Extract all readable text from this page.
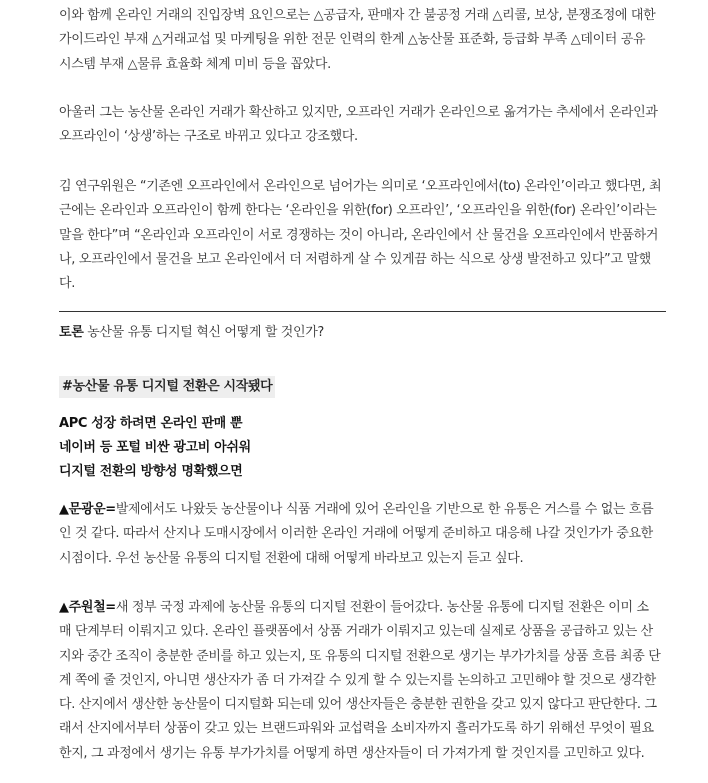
이와 함께 온라인 거래의 진입장벽 요인으로는 △공급자, 판매자 간 불공정 거래 △리콜, 보상, 분쟁조정에 대한
가이드라인 부재 △거래교섭 및 마케팅을 위한 전문 인력의 한계 △농산물 표준화, 등급화 부족 △데이터 공유
시스템 부재 △물류 효율화 체계 미비 등을 꼽았다.

아울러 그는 농산물 온라인 거래가 확산하고 있지만, 오프라인 거래가 온라인으로 옮겨가는 추세에서 온라인과
오프라인이 ‘상생’하는 구조로 바뀌고 있다고 강조했다.

김 연구위원은 “기존엔 오프라인에서 온라인으로 넘어가는 의미로 ‘오프라인에서(to) 온라인’이라고 했다면, 최
근에는 온라인과 오프라인이 함께 한다는 ‘온라인을 위한(for) 오프라인’, ‘오프라인을 위한(for) 온라인’이라는
말을 한다”며 “온라인과 오프라인이 서로 경쟁하는 것이 아니라, 온라인에서 산 물건을 오프라인에서 반품하거
나, 오프라인에서 물건을 보고 온라인에서 더 저렴하게 살 수 있게끔 하는 식으로 상생 발전하고 있다”고 말했
다.

토론 농산물 유통 디지털 혁신 어떻게 할 것인가?

#농산물 유통 디지털 전환은 시작됐다

APC 성장 하려면 온라인 판매 뿐
네이버 등 포털 비싼 광고비 아쉬워
디지털 전환의 방향성 명확했으면

▲문광운=발제에서도 나왔듯 농산물이나 식품 거래에 있어 온라인을 기반으로 한 유통은 거스를 수 없는 흐름
인 것 같다. 따라서 산지나 도매시장에서 이러한 온라인 거래에 어떻게 준비하고 대응해 나갈 것인가가 중요한
시점이다. 우선 농산물 유통의 디지털 전환에 대해 어떻게 바라보고 있는지 듣고 싶다.

▲주원철=새 정부 국정 과제에 농산물 유통의 디지털 전환이 들어갔다. 농산물 유통에 디지털 전환은 이미 소
매 단계부터 이뤄지고 있다. 온라인 플랫폼에서 상품 거래가 이뤄지고 있는데 실제로 상품을 공급하고 있는 산
지와 중간 조직이 충분한 준비를 하고 있는지, 또 유통의 디지털 전환으로 생기는 부가가치를 상품 흐름 최종 단
계 쪽에 줄 것인지, 아니면 생산자가 좀 더 가져갈 수 있게 할 수 있는지를 논의하고 고민해야 할 것으로 생각한
다. 산지에서 생산한 농산물이 디지털화 되는데 있어 생산자들은 충분한 권한을 갖고 있지 않다고 판단한다. 그
래서 산지에서부터 상품이 갖고 있는 브랜드파워와 교섭력을 소비자까지 흘러가도록 하기 위해선 무엇이 필요
한지, 그 과정에서 생기는 유통 부가가치를 어떻게 하면 생산자들이 더 가져가게 할 것인지를 고민하고 있다.
